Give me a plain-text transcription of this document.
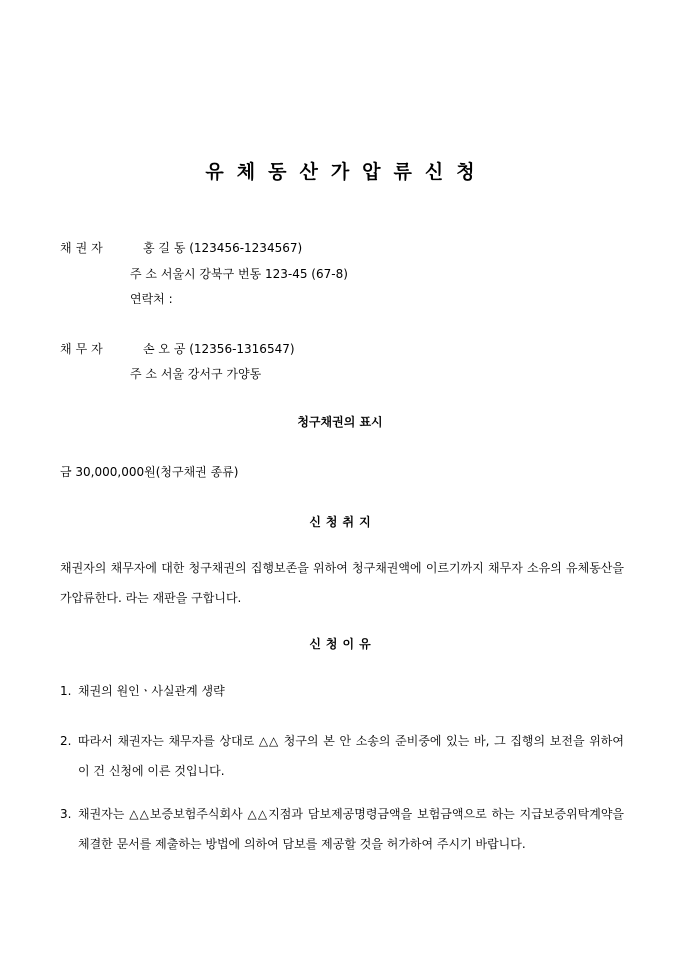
유체동산가압류신청
채권자	홍 길 동 (123456-1234567)
주 소 서울시 강북구 번동 123-45 (67-8)
연락처 :
채무자	손 오 공 (12356-1316547)
주 소 서울 강서구 가양동
청구채권의 표시
금 30,000,000원(청구채권 종류)
신청취지
채권자의 채무자에 대한 청구채권의 집행보존을 위하여 청구채권액에 이르기까지 채무자 소유의 유체동산을 가압류한다. 라는 재판을 구합니다.
신청이유
1. 채권의 원인ㆍ사실관계 생략
2. 따라서 채권자는 채무자를 상대로 △△ 청구의 본 안 소송의 준비중에 있는 바, 그 집행의 보전을 위하여 이 건 신청에 이른 것입니다.
3. 채권자는 △△보증보험주식회사 △△지점과 담보제공명령금액을 보험금액으로 하는 지급보증위탁계약을 체결한 문서를 제출하는 방법에 의하여 담보를 제공할 것을 허가하여 주시기 바랍니다.
